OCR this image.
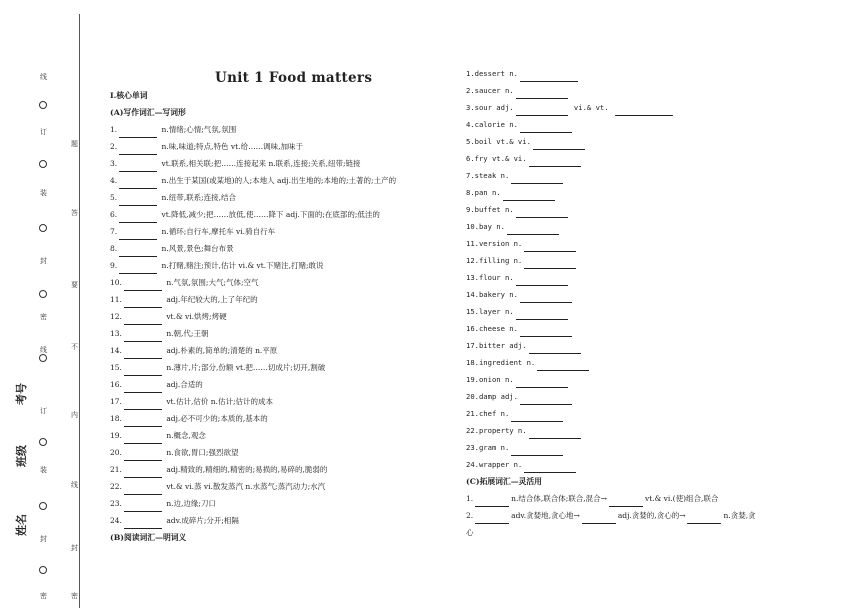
线
订
装
封
密
线
订
装
封
密
题
答
要
不
内
线
封
密
考号
班级
姓名
Unit 1 Food matters
Ⅰ.核心单词
(A)写作词汇—写词形
1.	n.情绪;心情;气氛,氛围
2.	n.味,味道;特点,特色 vt.给……调味,加味于
3.	vt.联系,相关联;把……连接起来 n.联系,连接;关系,纽带;链接
4.	n.出生于某国(或某地)的人;本地人 adj.出生地的;本地的;土著的;土产的
5.	n.纽带,联系;连接,结合
6.	vt.降低,减少;把……放低,使……降下 adj.下面的;在底部的;低洼的
7.	n.循环;自行车,摩托车 vi.骑自行车
8.	n.风景,景色;舞台布景
9.	n.打赌,赌注;预计,估计 vi.& vt.下赌注,打赌;敢说
10.	n.气氛,氛围;大气;气体;空气
11.	adj.年纪较大的,上了年纪的
12.	vt.& vi.烘烤;烤硬
13.	n.朝,代;王朝
14.	adj.朴素的,简单的;清楚的 n.平原
15.	n.薄片,片;部分,份额 vt.把……切成片;切开,割破
16.	adj.合适的
17.	vt.估计,估价 n.估计;估计的成本
18.	adj.必不可少的;本质的,基本的
19.	n.概念,观念
20.	n.食欲,胃口;强烈欲望
21.	adj.精致的,精细的,精密的;易损的,易碎的,脆弱的
22.	vt.& vi.蒸 vi.散发蒸汽 n.水蒸气;蒸汽动力;水汽
23.	n.边,边缘;刀口
24.	adv.成碎片;分开;相隔
(B)阅读词汇—明词义
1.dessert n.
2.saucer n.
3.sour adj.	vi.& vt.
4.calorie n.
5.boil vt.& vi.
6.fry vt.& vi.
7.steak n.
8.pan n.
9.buffet n.
10.bay n.
11.version n.
12.filling n.
13.flour n.
14.bakery n.
15.layer n.
16.cheese n.
17.bitter adj.
18.ingredient n.
19.onion n.
20.damp adj.
21.chef n.
22.property n.
23.gram n.
24.wrapper n.
(C)拓展词汇—灵活用
1.	n.结合体,联合体;联合,混合→	vt.& vi.(使)组合,联合
2.	adv.贪婪地,贪心地→	adj.贪婪的,贪心的→	n.贪婪,贪
心
